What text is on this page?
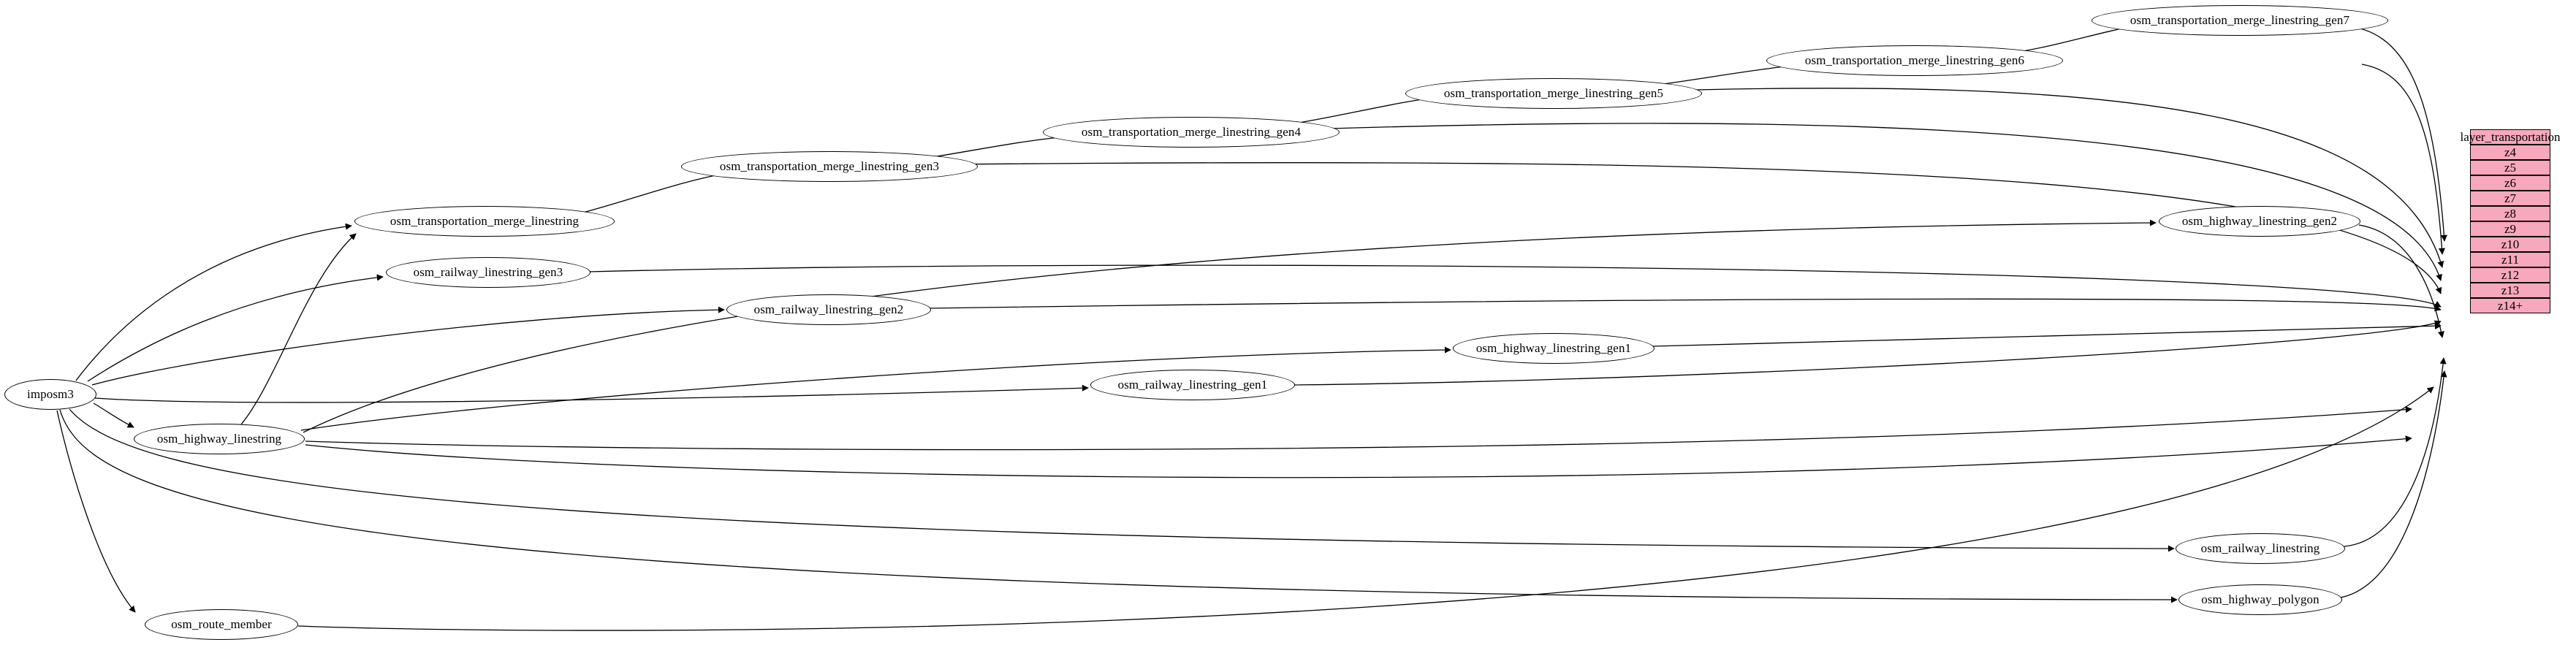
imposm3
osm_highway_linestring
osm_route_member
osm_railway_linestring_gen3
osm_transportation_merge_linestring
osm_railway_linestring_gen2
osm_transportation_merge_linestring_gen3
osm_railway_linestring_gen1
osm_transportation_merge_linestring_gen4
osm_highway_linestring_gen1
osm_transportation_merge_linestring_gen5
osm_transportation_merge_linestring_gen6
osm_transportation_merge_linestring_gen7
osm_highway_linestring_gen2
osm_railway_linestring
osm_highway_polygon
layer_transportation
z4
z5
z6
z7
z8
z9
z10
z11
z12
z13
z14+
